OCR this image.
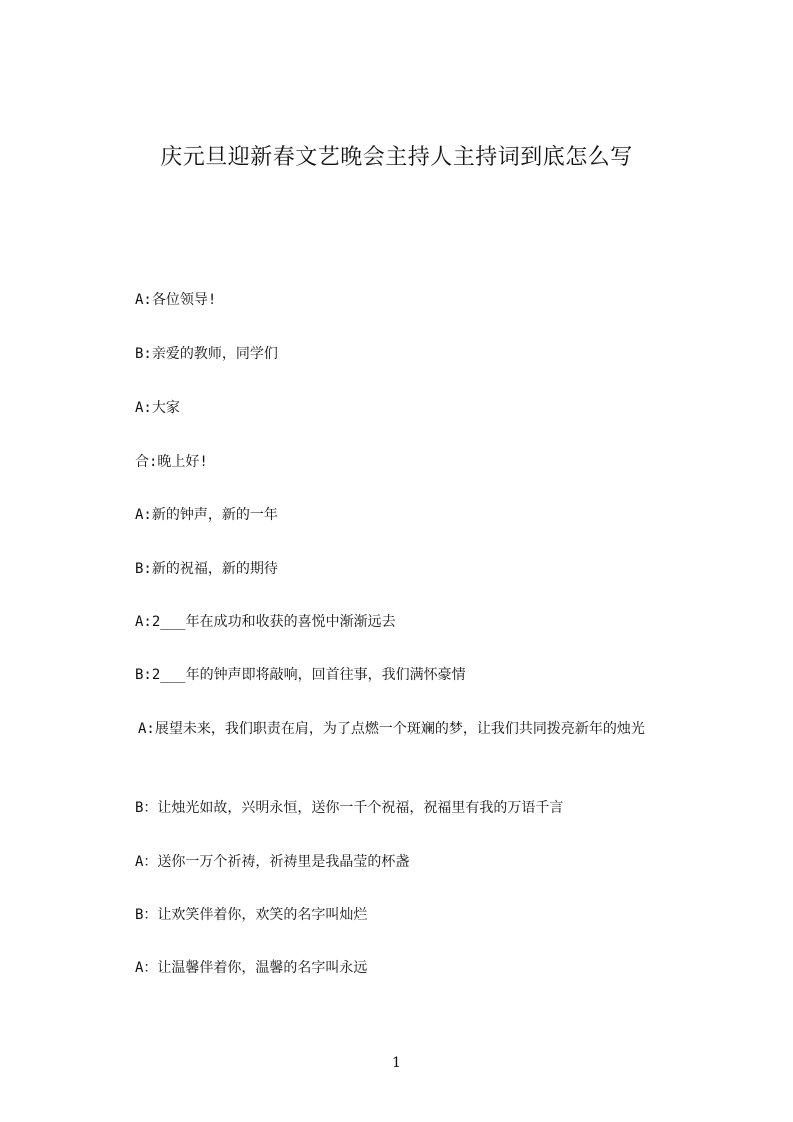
庆元旦迎新春文艺晚会主持人主持词到底怎么写
A:各位领导!
B:亲爱的教师，同学们
A:大家
合:晚上好!
A:新的钟声，新的一年
B:新的祝福，新的期待
A:2___年在成功和收获的喜悦中渐渐远去
B:2___年的钟声即将敲响，回首往事，我们满怀豪情
A:展望未来，我们职责在肩，为了点燃一个斑斓的梦，让我们共同拨亮新年的烛光
B：让烛光如故，兴明永恒，送你一千个祝福，祝福里有我的万语千言
A：送你一万个祈祷，祈祷里是我晶莹的杯盏
B：让欢笑伴着你，欢笑的名字叫灿烂
A：让温馨伴着你，温馨的名字叫永远
1
